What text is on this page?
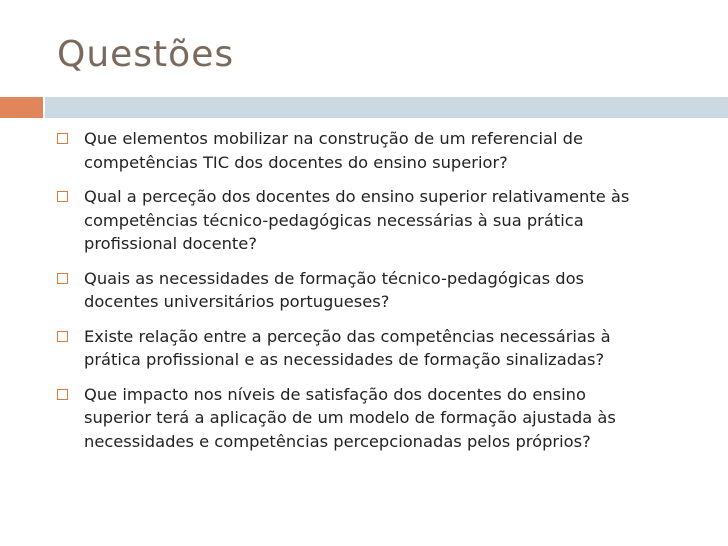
Questões
Que elementos mobilizar na construção de um referencial de
competências TIC dos docentes do ensino superior?
Qual a perceção dos docentes do ensino superior relativamente às
competências técnico-pedagógicas necessárias à sua prática
profissional docente?
Quais as necessidades de formação técnico-pedagógicas dos
docentes universitários portugueses?
Existe relação entre a perceção das competências necessárias à
prática profissional e as necessidades de formação sinalizadas?
Que impacto nos níveis de satisfação dos docentes do ensino
superior terá a aplicação de um modelo de formação ajustada às
necessidades e competências percepcionadas pelos próprios?
